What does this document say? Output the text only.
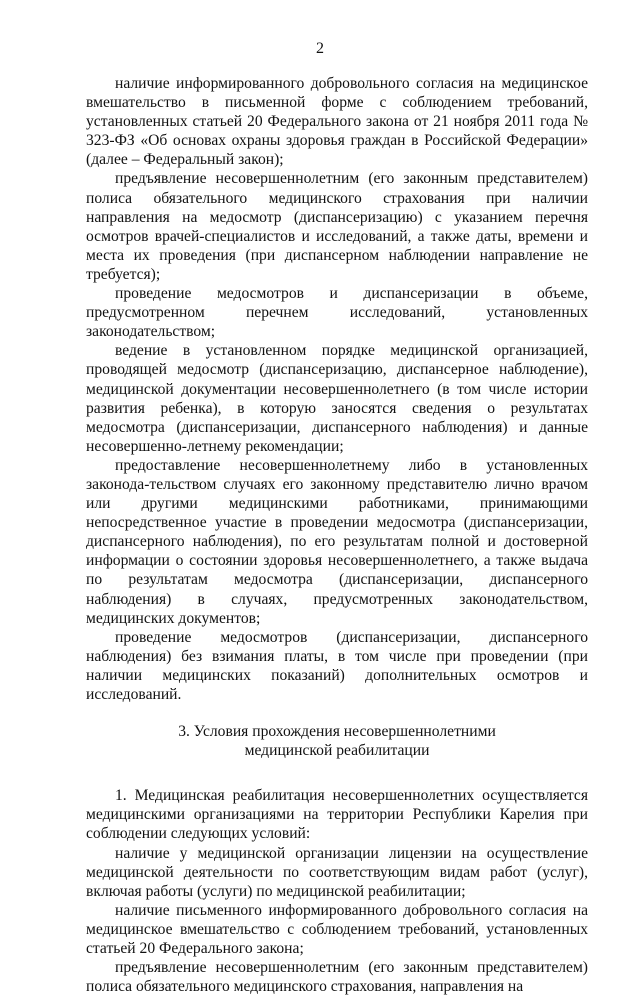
2

наличие информированного добровольного согласия на медицинское вмешательство в письменной форме с соблюдением требований, установленных статьей 20 Федерального закона от 21 ноября 2011 года № 323-ФЗ «Об основах охраны здоровья граждан в Российской Федерации» (далее – Федеральный закон);

предъявление несовершеннолетним (его законным представителем) полиса обязательного медицинского страхования при наличии направления на медосмотр (диспансеризацию) с указанием перечня осмотров врачей-специалистов и исследований, а также даты, времени и места их проведения (при диспансерном наблюдении направление не требуется);

проведение медосмотров и диспансеризации в объеме, предусмотренном перечнем исследований, установленных законодательством;

ведение в установленном порядке медицинской организацией, проводящей медосмотр (диспансеризацию, диспансерное наблюдение), медицинской документации несовершеннолетнего (в том числе истории развития ребенка), в которую заносятся сведения о результатах медосмотра (диспансеризации, диспансерного наблюдения) и данные несовершенно-летнему рекомендации;

предоставление несовершеннолетнему либо в установленных законода-тельством случаях его законному представителю лично врачом или другими медицинскими работниками, принимающими непосредственное участие в проведении медосмотра (диспансеризации, диспансерного наблюдения), по его результатам полной и достоверной информации о состоянии здоровья несовершеннолетнего, а также выдача по результатам медосмотра (диспансеризации, диспансерного наблюдения) в случаях, предусмотренных законодательством, медицинских документов;

проведение медосмотров (диспансеризации, диспансерного наблюдения) без взимания платы, в том числе при проведении (при наличии медицинских показаний) дополнительных осмотров и исследований.

3. Условия прохождения несовершеннолетними

медицинской реабилитации

1. Медицинская реабилитация несовершеннолетних осуществляется медицинскими организациями на территории Республики Карелия при соблюдении следующих условий:

наличие у медицинской организации лицензии на осуществление медицинской деятельности по соответствующим видам работ (услуг), включая работы (услуги) по медицинской реабилитации;

наличие письменного информированного добровольного согласия на медицинское вмешательство с соблюдением требований, установленных статьей 20 Федерального закона;

предъявление несовершеннолетним (его законным представителем) полиса обязательного медицинского страхования, направления на
